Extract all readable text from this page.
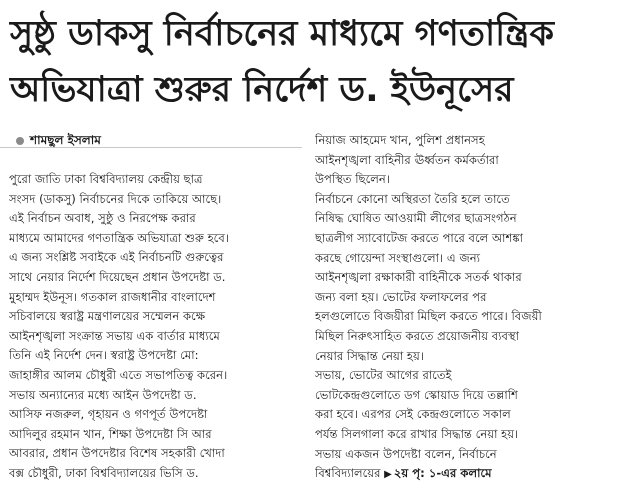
সুষ্ঠু ডাকসু নির্বাচনের মাধ্যমে গণতান্ত্রিক
অভিযাত্রা শুরুর নির্দেশ ড. ইউনূসের
শামছুল ইসলাম

পুরো জাতি ঢাকা বিশ্ববিদ্যালয় কেন্দ্রীয় ছাত্র
সংসদ (ডাকসু) নির্বাচনের দিকে তাকিয়ে আছে।
এই নির্বাচন অবাধ, সুষ্ঠু ও নিরপেক্ষ করার
মাধ্যমে আমাদের গণতান্ত্রিক অভিযাত্রা শুরু হবে।
এ জন্য সংশ্লিষ্ট সবাইকে এই নির্বাচনটি গুরুত্বের
সাথে নেয়ার নির্দেশ দিয়েছেন প্রধান উপদেষ্টা ড.
মুহাম্মদ ইউনূস। গতকাল রাজধানীর বাংলাদেশ
সচিবালয়ে স্বরাষ্ট্র মন্ত্রণালয়ের সম্মেলন কক্ষে
আইনশৃঙ্খলা সংক্রান্ত সভায় এক বার্তার মাধ্যমে
তিনি এই নির্দেশ দেন। স্বরাষ্ট্র উপদেষ্টা মো:
জাহাঙ্গীর আলম চৌধুরী এতে সভাপতিত্ব করেন।
সভায় অন্যান্যের মধ্যে আইন উপদেষ্টা ড.
আসিফ নজরুল, গৃহায়ন ও গণপূর্ত উপদেষ্টা
আদিলুর রহমান খান, শিক্ষা উপদেষ্টা সি আর
আবরার, প্রধান উপদেষ্টার বিশেষ সহকারী খোদা
বক্স চৌধুরী, ঢাকা বিশ্ববিদ্যালয়ের ভিসি ড.

নিয়াজ আহমেদ খান, পুলিশ প্রধানসহ
আইনশৃঙ্খলা বাহিনীর ঊর্ধ্বতন কর্মকর্তারা
উপস্থিত ছিলেন।
নির্বাচনে কোনো অস্থিরতা তৈরি হলে তাতে
নিষিদ্ধ ঘোষিত আওয়ামী লীগের ছাত্রসংগঠন
ছাত্রলীগ স্যাবোটেজ করতে পারে বলে আশঙ্কা
করছে গোয়েন্দা সংস্থাগুলো। এ জন্য
আইনশৃঙ্খলা রক্ষাকারী বাহিনীকে সতর্ক থাকার
জন্য বলা হয়। ভোটের ফলাফলের পর
হলগুলোতে বিজয়ীরা মিছিল করতে পারে। বিজয়ী
মিছিল নিরুৎসাহিত করতে প্রয়োজনীয় ব্যবস্থা
নেয়ার সিদ্ধান্ত নেয়া হয়।
সভায়, ভোটের আগের রাতেই
ভোটকেন্দ্রগুলোতে ডগ স্কোয়াড দিয়ে তল্লাশি
করা হবে। এরপর সেই কেন্দ্রগুলোতে সকাল
পর্যন্ত সিলগালা করে রাখার সিদ্ধান্ত নেয়া হয়।
সভায় একজন উপদেষ্টা বলেন, নির্বাচনে
বিশ্ববিদ্যালয়ের ▶ ২য় পৃ: ১-এর কলামে
